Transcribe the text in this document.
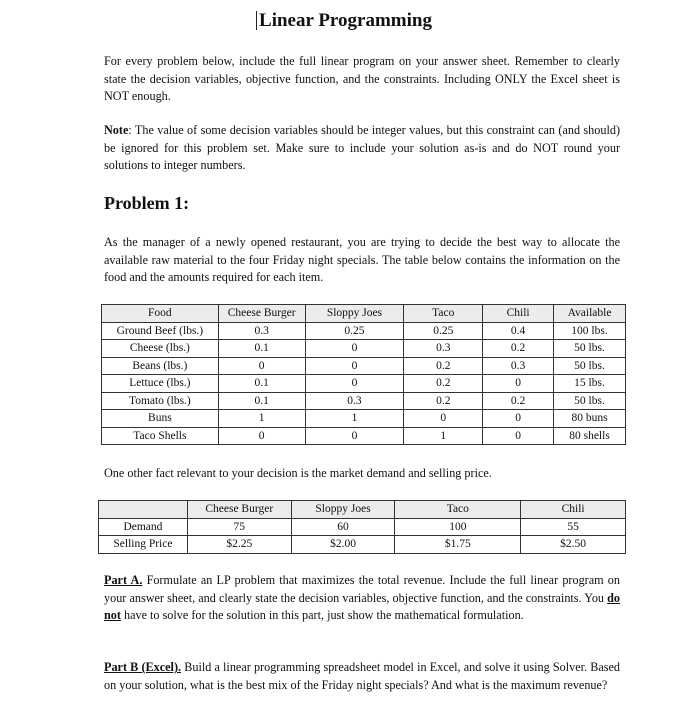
Linear Programming

For every problem below, include the full linear program on your answer sheet. Remember to clearly state the decision variables, objective function, and the constraints. Including ONLY the Excel sheet is NOT enough.

Note: The value of some decision variables should be integer values, but this constraint can (and should) be ignored for this problem set. Make sure to include your solution as-is and do NOT round your solutions to integer numbers.

Problem 1:

As the manager of a newly opened restaurant, you are trying to decide the best way to allocate the available raw material to the four Friday night specials. The table below contains the information on the food and the amounts required for each item.

Food	Cheese Burger	Sloppy Joes	Taco	Chili	Available
Ground Beef (lbs.)	0.3	0.25	0.25	0.4	100 lbs.
Cheese (lbs.)	0.1	0	0.3	0.2	50 lbs.
Beans (lbs.)	0	0	0.2	0.3	50 lbs.
Lettuce (lbs.)	0.1	0	0.2	0	15 lbs.
Tomato (lbs.)	0.1	0.3	0.2	0.2	50 lbs.
Buns	1	1	0	0	80 buns
Taco Shells	0	0	1	0	80 shells

One other fact relevant to your decision is the market demand and selling price.

	Cheese Burger	Sloppy Joes	Taco	Chili
Demand	75	60	100	55
Selling Price	$2.25	$2.00	$1.75	$2.50

Part A. Formulate an LP problem that maximizes the total revenue. Include the full linear program on your answer sheet, and clearly state the decision variables, objective function, and the constraints. You do not have to solve for the solution in this part, just show the mathematical formulation.

Part B (Excel). Build a linear programming spreadsheet model in Excel, and solve it using Solver. Based on your solution, what is the best mix of the Friday night specials? And what is the maximum revenue?
